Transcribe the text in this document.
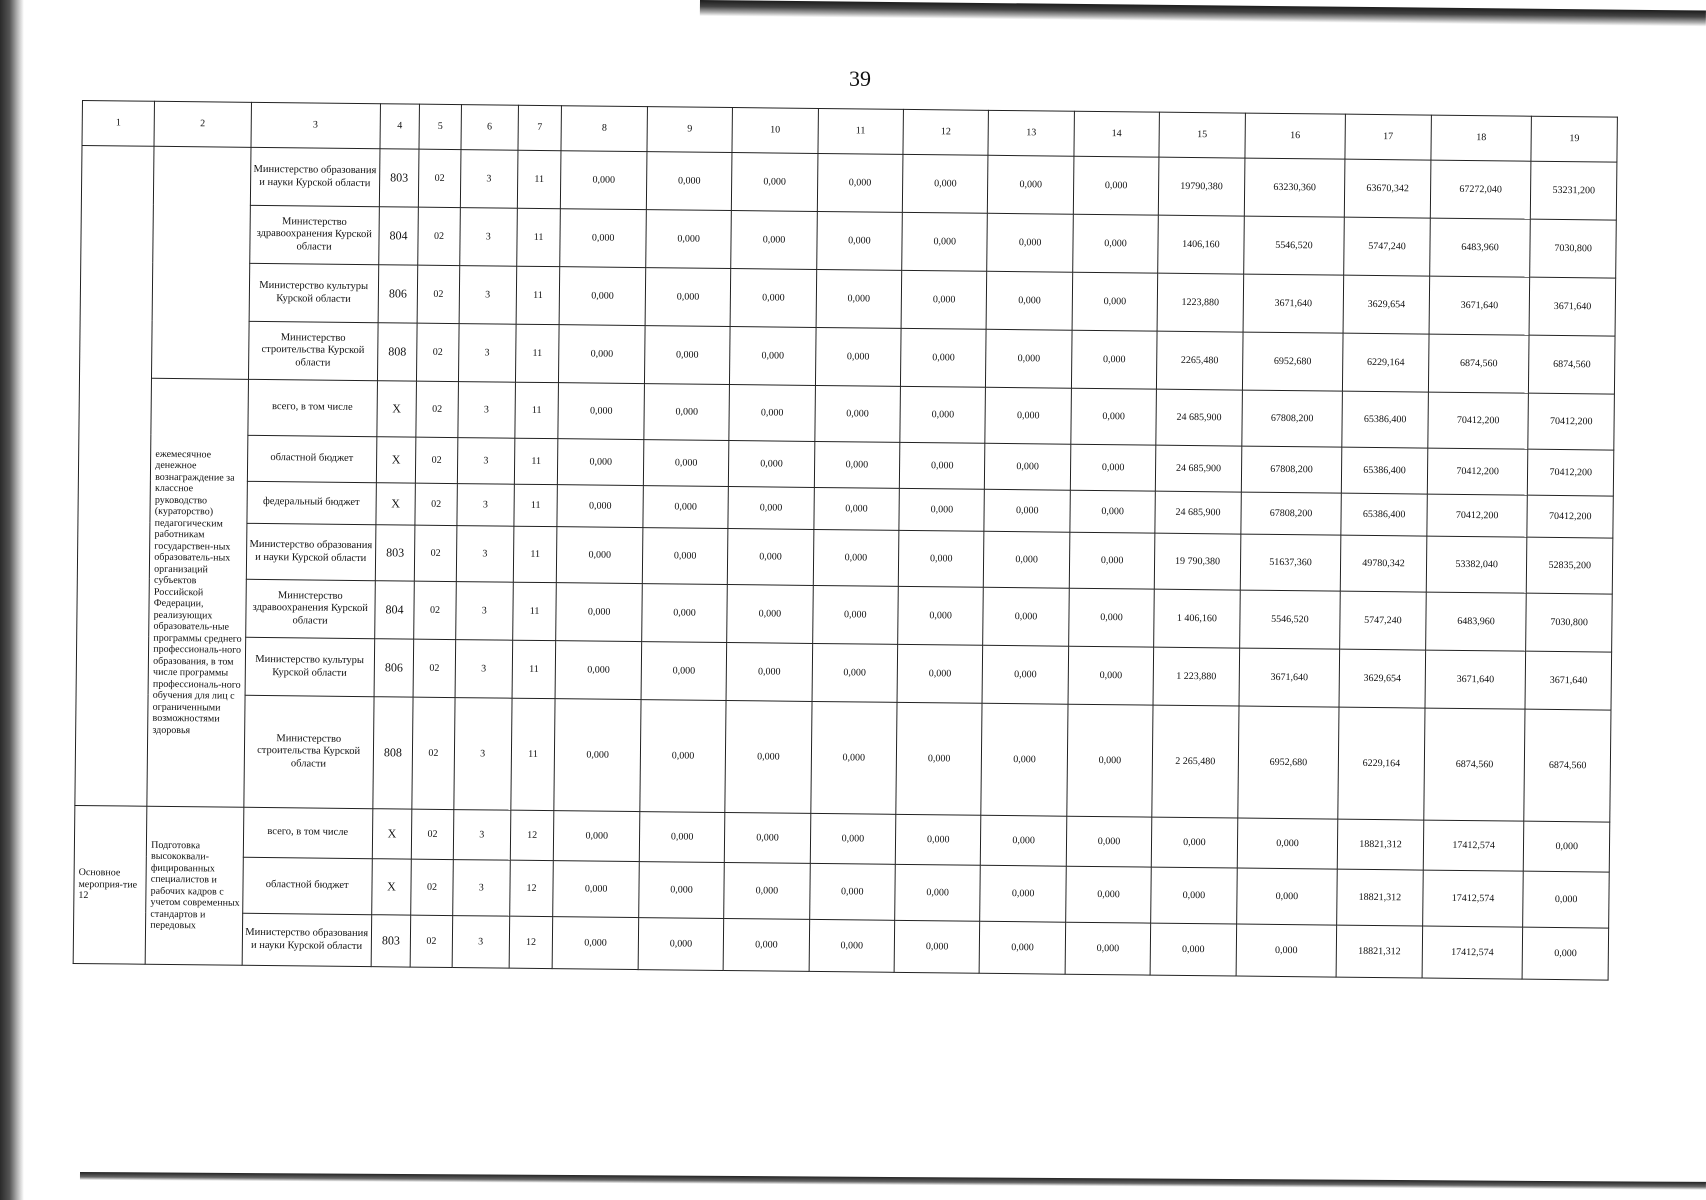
39
1	2	3	4	5	6	7	8	9	10	11	12	13	14	15	16	17	18	19
		Министерство образования и науки Курской области	803	02	3	11	0,000	0,000	0,000	0,000	0,000	0,000	0,000	19790,380	63230,360	63670,342	67272,040	53231,200
		Министерство здравоохранения Курской области	804	02	3	11	0,000	0,000	0,000	0,000	0,000	0,000	0,000	1406,160	5546,520	5747,240	6483,960	7030,800
		Министерство культуры Курской области	806	02	3	11	0,000	0,000	0,000	0,000	0,000	0,000	0,000	1223,880	3671,640	3629,654	3671,640	3671,640
		Министерство строительства Курской области	808	02	3	11	0,000	0,000	0,000	0,000	0,000	0,000	0,000	2265,480	6952,680	6229,164	6874,560	6874,560
	ежемесячное денежное вознаграждение за классное руководство (кураторство) педагогическим работникам государствен-ных образователь-ных организаций субъектов Российской Федерации, реализующих образователь-ные программы среднего профессиональ-ного образования, в том числе программы профессиональ-ного обучения для лиц с ограниченными возможностями здоровья	всего, в том числе	X	02	3	11	0,000	0,000	0,000	0,000	0,000	0,000	0,000	24 685,900	67808,200	65386,400	70412,200	70412,200
		областной бюджет	X	02	3	11	0,000	0,000	0,000	0,000	0,000	0,000	0,000	24 685,900	67808,200	65386,400	70412,200	70412,200
		федеральный бюджет	X	02	3	11	0,000	0,000	0,000	0,000	0,000	0,000	0,000	24 685,900	67808,200	65386,400	70412,200	70412,200
		Министерство образования и науки Курской области	803	02	3	11	0,000	0,000	0,000	0,000	0,000	0,000	0,000	19 790,380	51637,360	49780,342	53382,040	52835,200
		Министерство здравоохранения Курской области	804	02	3	11	0,000	0,000	0,000	0,000	0,000	0,000	0,000	1 406,160	5546,520	5747,240	6483,960	7030,800
		Министерство культуры Курской области	806	02	3	11	0,000	0,000	0,000	0,000	0,000	0,000	0,000	1 223,880	3671,640	3629,654	3671,640	3671,640
		Министерство строительства Курской области	808	02	3	11	0,000	0,000	0,000	0,000	0,000	0,000	0,000	2 265,480	6952,680	6229,164	6874,560	6874,560
Основное мероприя-тие 12	Подготовка высококвали-фицированных специалистов и рабочих кадров с учетом современных стандартов и передовых	всего, в том числе	X	02	3	12	0,000	0,000	0,000	0,000	0,000	0,000	0,000	0,000	0,000	18821,312	17412,574	0,000
		областной бюджет	X	02	3	12	0,000	0,000	0,000	0,000	0,000	0,000	0,000	0,000	0,000	18821,312	17412,574	0,000
		Министерство образования и науки Курской области	803	02	3	12	0,000	0,000	0,000	0,000	0,000	0,000	0,000	0,000	0,000	18821,312	17412,574	0,000
